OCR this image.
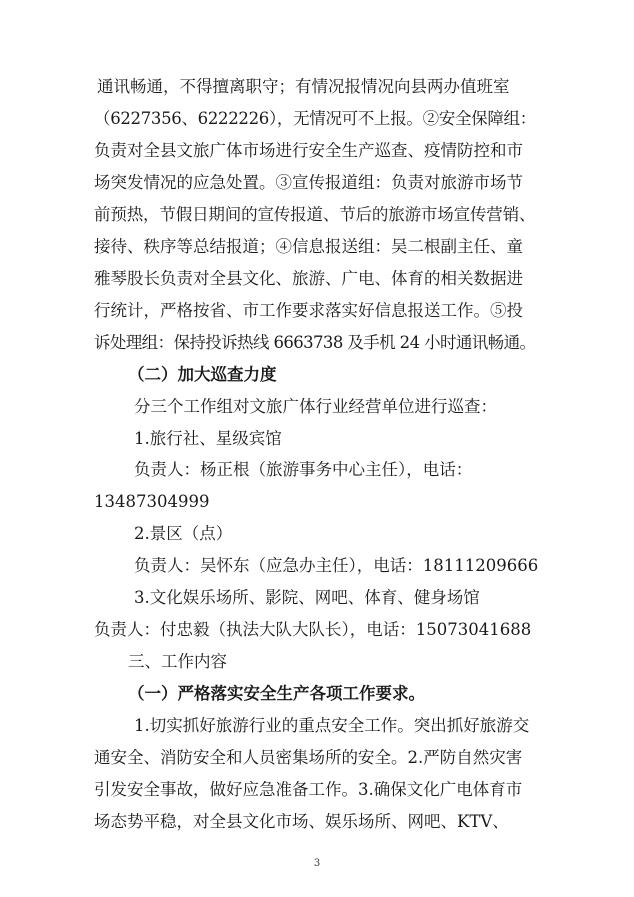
通讯畅通，不得擅离职守；有情况报情况向县两办值班室
（6227356、6222226），无情况可不上报。②安全保障组：
负责对全县文旅广体市场进行安全生产巡查、疫情防控和市
场突发情况的应急处置。③宣传报道组：负责对旅游市场节
前预热，节假日期间的宣传报道、节后的旅游市场宣传营销、
接待、秩序等总结报道；④信息报送组：吴二根副主任、童
雅琴股长负责对全县文化、旅游、广电、体育的相关数据进
行统计，严格按省、市工作要求落实好信息报送工作。⑤投
诉处理组：保持投诉热线 6663738 及手机 24 小时通讯畅通。
（二）加大巡查力度
分三个工作组对文旅广体行业经营单位进行巡查：
1.旅行社、星级宾馆
负责人：杨正根（旅游事务中心主任），电话：
13487304999
2.景区（点）
负责人：吴怀东（应急办主任），电话：18111209666
3.文化娱乐场所、影院、网吧、体育、健身场馆
负责人：付忠毅（执法大队大队长），电话：15073041688
三、工作内容
（一）严格落实安全生产各项工作要求。
1.切实抓好旅游行业的重点安全工作。突出抓好旅游交
通安全、消防安全和人员密集场所的安全。2.严防自然灾害
引发安全事故，做好应急准备工作。3.确保文化广电体育市
场态势平稳，对全县文化市场、娱乐场所、网吧、KTV、
3
